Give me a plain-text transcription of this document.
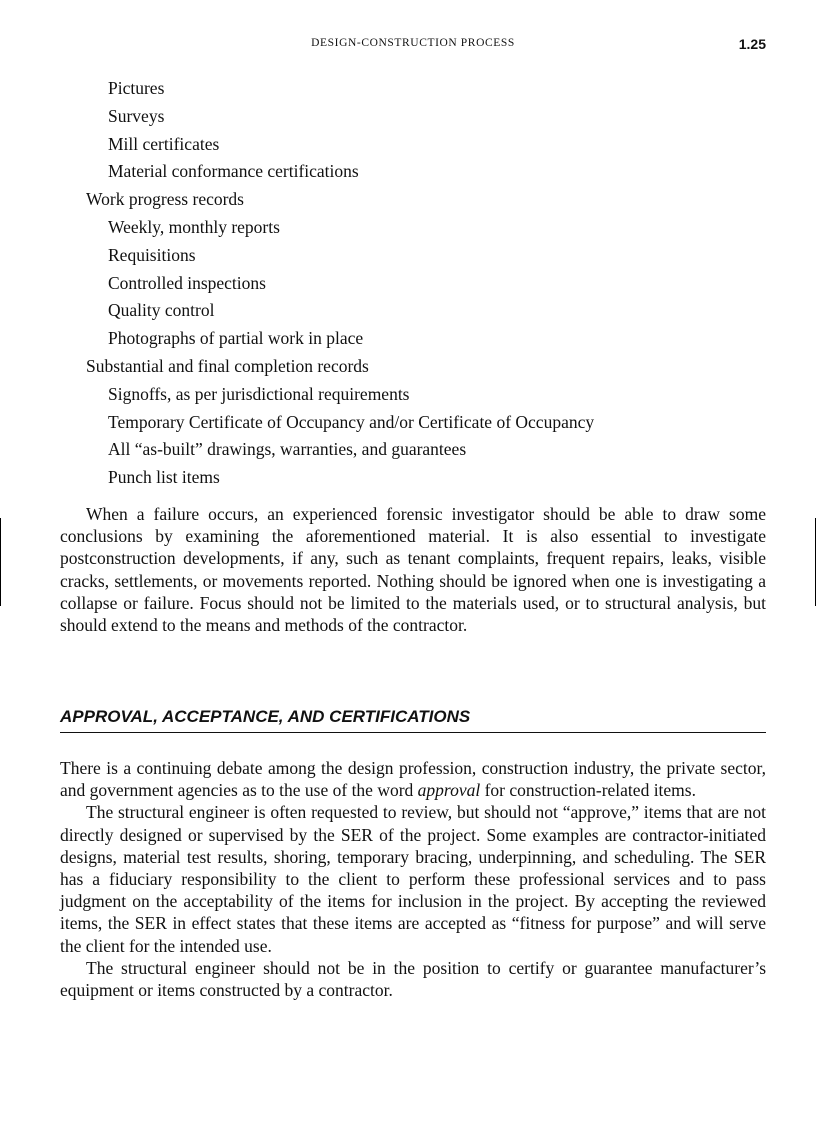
DESIGN-CONSTRUCTION PROCESS	1.25
Pictures
Surveys
Mill certificates
Material conformance certifications
Work progress records
Weekly, monthly reports
Requisitions
Controlled inspections
Quality control
Photographs of partial work in place
Substantial and final completion records
Signoffs, as per jurisdictional requirements
Temporary Certificate of Occupancy and/or Certificate of Occupancy
All “as-built” drawings, warranties, and guarantees
Punch list items

When a failure occurs, an experienced forensic investigator should be able to draw some conclusions by examining the aforementioned material. It is also essential to investigate postconstruction developments, if any, such as tenant complaints, frequent repairs, leaks, visible cracks, settlements, or movements reported. Nothing should be ignored when one is investigating a collapse or failure. Focus should not be limited to the materials used, or to structural analysis, but should extend to the means and methods of the contractor.

APPROVAL, ACCEPTANCE, AND CERTIFICATIONS

There is a continuing debate among the design profession, construction industry, the private sector, and government agencies as to the use of the word approval for construction-related items.

The structural engineer is often requested to review, but should not “approve,” items that are not directly designed or supervised by the SER of the project. Some examples are contractor-initiated designs, material test results, shoring, temporary bracing, underpinning, and scheduling. The SER has a fiduciary responsibility to the client to perform these professional services and to pass judgment on the acceptability of the items for inclusion in the project. By accepting the reviewed items, the SER in effect states that these items are accepted as “fitness for purpose” and will serve the client for the intended use.

The structural engineer should not be in the position to certify or guarantee manufacturer’s equipment or items constructed by a contractor.
